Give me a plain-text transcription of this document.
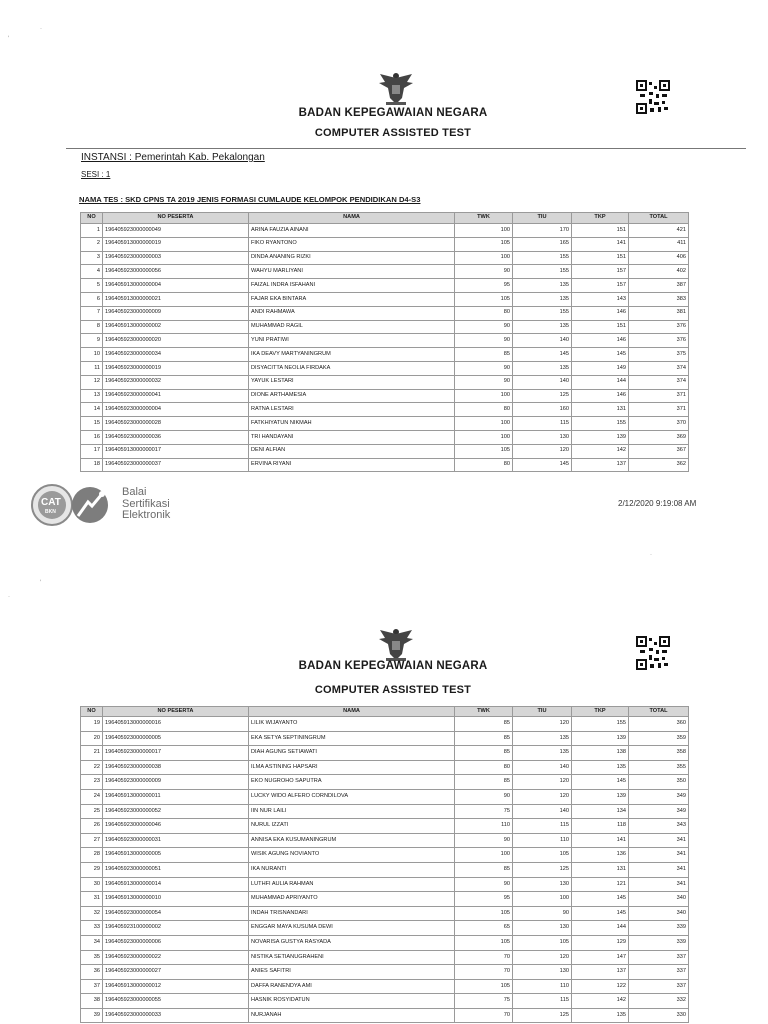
‘
·
BADAN KEPEGAWAIAN NEGARA
COMPUTER ASSISTED TEST
INSTANSI : Pemerintah Kab. Pekalongan
SESI : 1
NAMA TES : SKD CPNS TA 2019 JENIS FORMASI CUMLAUDE KELOMPOK PENDIDIKAN D4-S3
NO	NO PESERTA	NAMA	TWK	TIU	TKP	TOTAL
1	196405923000000049	ARINA FAUZIA AINANI	100	170	151	421
2	196405913000000019	FIKO RYANTONO	105	165	141	411
3	196405923000000003	DINDA ANANING RIZKI	100	155	151	406
4	196405923000000056	WAHYU MARLIYANI	90	155	157	402
5	196405913000000004	FAIZAL INDRA ISFAHANI	95	135	157	387
6	196405913000000021	FAJAR EKA BINTARA	105	135	143	383
7	196405923000000009	ANDI RAHMAWA	80	155	146	381
8	196405913000000002	MUHAMMAD RAGIL	90	135	151	376
9	196405923000000020	YUNI PRATIWI	90	140	146	376
10	196405923000000034	IKA DEAVY MARTYANINGRUM	85	145	145	375
11	196405923000000019	DISYACITTA NEOLIA FIRDAKA	90	135	149	374
12	196405923000000032	YAYUK LESTARI	90	140	144	374
13	196405923000000041	DIONE ARTHAMESIA	100	125	146	371
14	196405923000000004	RATNA LESTARI	80	160	131	371
15	196405923000000028	FATKHIYATUN NIKMAH	100	115	155	370
16	196405923000000036	TRI HANDAYANI	100	130	139	369
17	196405913000000017	DENI ALFIAN	105	120	142	367
18	196405923000000037	ERVINA RIYANI	80	145	137	362
CAT
BKN
Balai
Sertifikasi
Elektronik
2/12/2020 9:19:08 AM
·
‘
·
BADAN KEPEGAWAIAN NEGARA
COMPUTER ASSISTED TEST
NO	NO PESERTA	NAMA	TWK	TIU	TKP	TOTAL
19	196405913000000016	LILIK WIJAYANTO	85	120	155	360
20	196405923000000005	EKA SETYA SEPTININGRUM	85	135	139	359
21	196405923000000017	DIAH AGUNG SETIAWATI	85	135	138	358
22	196405923000000038	ILMA ASTINING HAPSARI	80	140	135	355
23	196405923000000009	EKO NUGROHO SAPUTRA	85	120	145	350
24	196405913000000011	LUCKY WIDO ALFERO CORNDILOVA	90	120	139	349
25	196405923000000052	IIN NUR LAILI	75	140	134	349
26	196405923000000046	NURUL IZZATI	110	115	118	343
27	196405923000000031	ANNISA EKA KUSUMANINGRUM	90	110	141	341
28	196405913000000005	WISIK AGUNG NOVIANTO	100	105	136	341
29	196405923000000051	IKA NURANTI	85	125	131	341
30	196405913000000014	LUTHFI AULIA RAHMAN	90	130	121	341
31	196405913000000010	MUHAMMAD APRIYANTO	95	100	145	340
32	196405923000000054	INDAH TRISNANDARI	105	90	145	340
33	196405923100000002	ENGGAR MAYA KUSUMA DEWI	65	130	144	339
34	196405923000000006	NOVARISA GUSTYA RASYADA	105	105	129	339
35	196405923000000022	NISTIKA SETIANUGRAHENI	70	120	147	337
36	196405923000000027	ANIES SAFITRI	70	130	137	337
37	196405913000000012	DAFFA RANENDYA AMI	105	110	122	337
38	196405923000000055	HASNIK ROSYIDATUN	75	115	142	332
39	196405923000000033	NURJANAH	70	125	135	330
